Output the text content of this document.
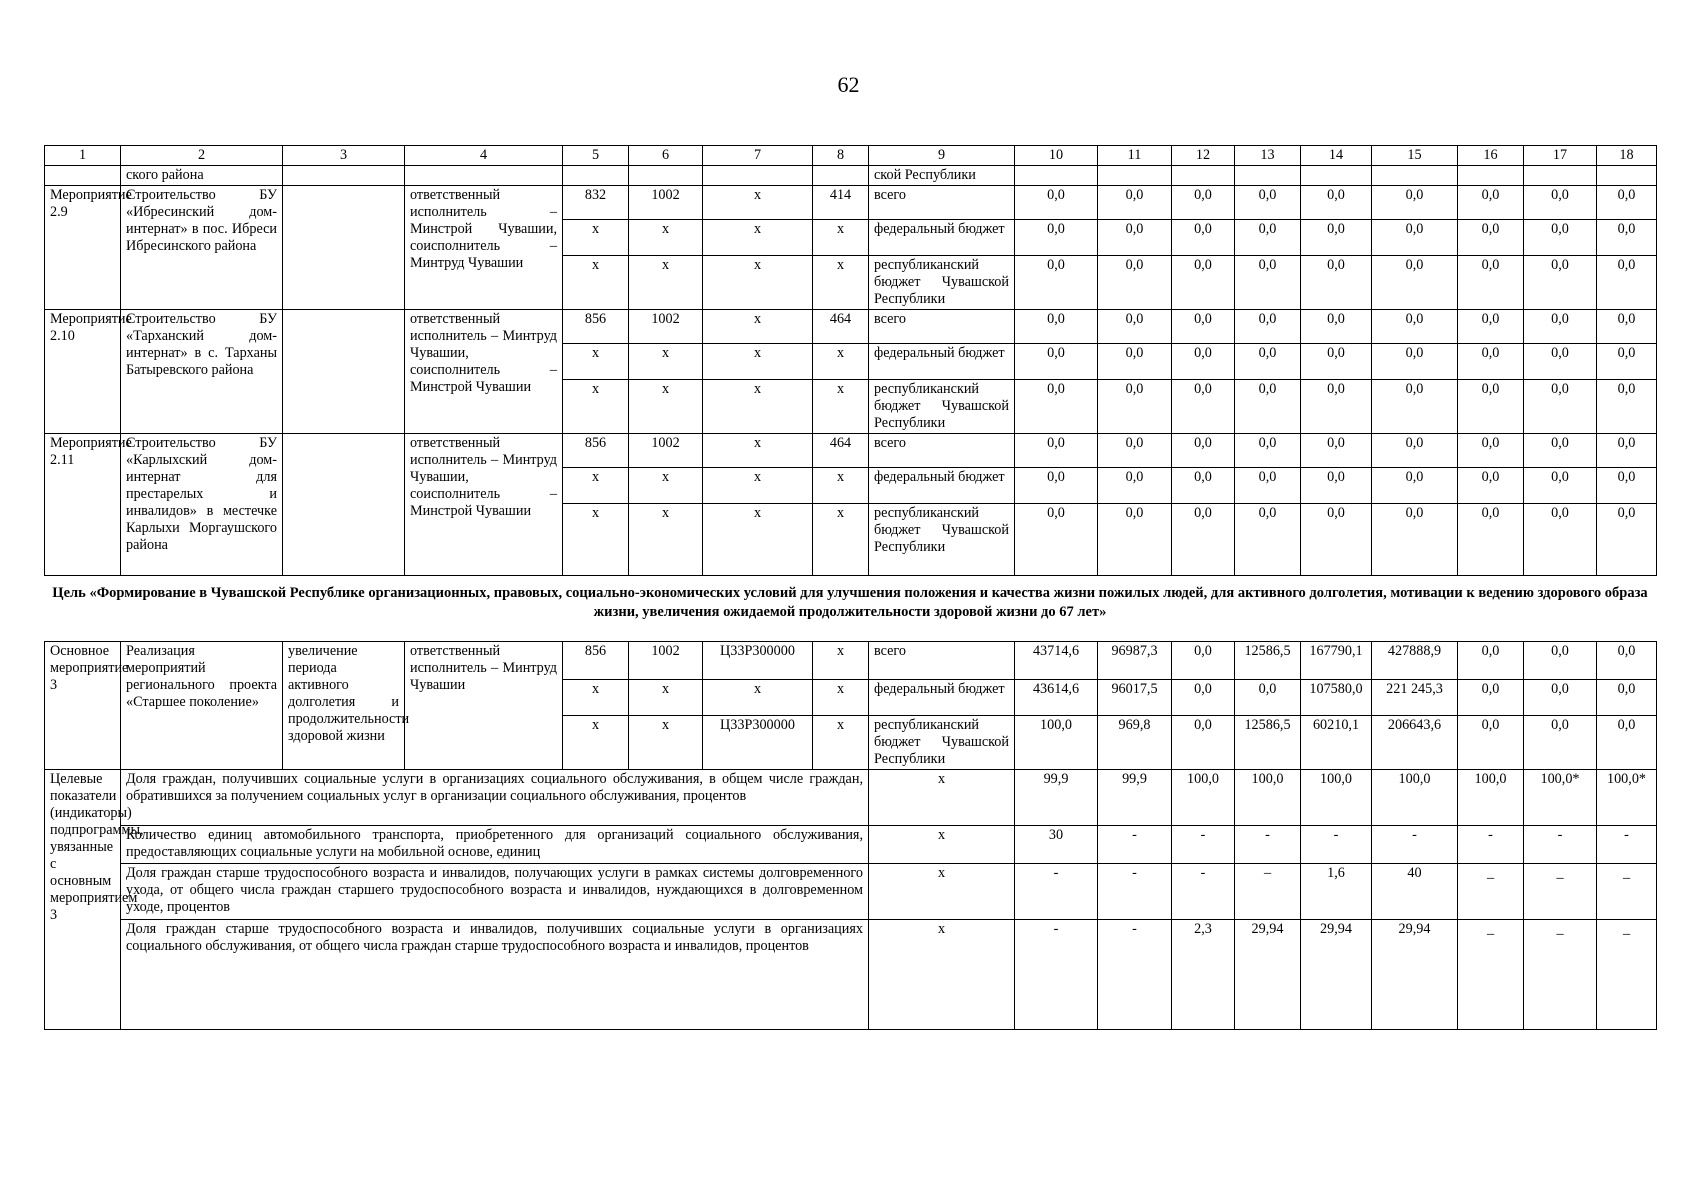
62
1	2	3	4	5	6	7	8	9	10	11	12	13	14	15	16	17	18
	ского района							ской Республики									
Мероприятие 2.9	Строительство БУ «Ибресинский дом-интернат» в пос. Ибреси Ибресинского района		ответственный исполнитель – Минстрой Чувашии, соисполнитель – Минтруд Чувашии	832	1002	х	414	всего	0,0	0,0	0,0	0,0	0,0	0,0	0,0	0,0	0,0
				х	х	х	х	федеральный бюджет	0,0	0,0	0,0	0,0	0,0	0,0	0,0	0,0	0,0
				х	х	х	х	республиканский бюджет Чувашской Республики	0,0	0,0	0,0	0,0	0,0	0,0	0,0	0,0	0,0
Мероприятие 2.10	Строительство БУ «Тарханский дом-интернат» в с. Тарханы Батыревского района		ответственный исполнитель – Минтруд Чувашии, соисполнитель – Минстрой Чувашии	856	1002	х	464	всего	0,0	0,0	0,0	0,0	0,0	0,0	0,0	0,0	0,0
				х	х	х	х	федеральный бюджет	0,0	0,0	0,0	0,0	0,0	0,0	0,0	0,0	0,0
				х	х	х	х	республиканский бюджет Чувашской Республики	0,0	0,0	0,0	0,0	0,0	0,0	0,0	0,0	0,0
Мероприятие 2.11	Строительство БУ «Карлыхский дом-интернат для престарелых и инвалидов» в местечке Карлыхи Моргаушского района		ответственный исполнитель – Минтруд Чувашии, соисполнитель – Минстрой Чувашии	856	1002	х	464	всего	0,0	0,0	0,0	0,0	0,0	0,0	0,0	0,0	0,0
				х	х	х	х	федеральный бюджет	0,0	0,0	0,0	0,0	0,0	0,0	0,0	0,0	0,0
				х	х	х	х	республиканский бюджет Чувашской Республики	0,0	0,0	0,0	0,0	0,0	0,0	0,0	0,0	0,0
Цель «Формирование в Чувашской Республике организационных, правовых, социально-экономических условий для улучшения положения и качества жизни пожилых людей, для активного долголетия, мотивации к ведению здорового образа жизни, увеличения ожидаемой продолжительности здоровой жизни до 67 лет»
Основное мероприятие 3	Реализация мероприятий регионального проекта «Старшее поколение»	увеличение периода активного долголетия и продолжительности здоровой жизни	ответственный исполнитель – Минтруд Чувашии	856	1002	Ц33Р300000	х	всего	43714,6	96987,3	0,0	12586,5	167790,1	427888,9	0,0	0,0	0,0
				х	х	х	х	федеральный бюджет	43614,6	96017,5	0,0	0,0	107580,0	221 245,3	0,0	0,0	0,0
				х	х	Ц33Р300000	х	республиканский бюджет Чувашской Республики	100,0	969,8	0,0	12586,5	60210,1	206643,6	0,0	0,0	0,0
Целевые показатели (индикаторы) подпрограммы, увязанные с основным мероприятием 3	Доля граждан, получивших социальные услуги в организациях социального обслуживания, в общем числе граждан, обратившихся за получением социальных услуг в организации социального обслуживания, процентов							х	99,9	99,9	100,0	100,0	100,0	100,0	100,0	100,0*	100,0*
	Количество единиц автомобильного транспорта, приобретенного для организаций социального обслуживания, предоставляющих социальные услуги на мобильной основе, единиц							х	30	-	-	-	-	-	-	-	-
	Доля граждан старше трудоспособного возраста и инвалидов, получающих услуги в рамках системы долговременного ухода, от общего числа граждан старшего трудоспособного возраста и инвалидов, нуждающихся в долговременном уходе, процентов							х	-	-	-	–	1,6	40	_	_	_
	Доля граждан старше трудоспособного возраста и инвалидов, получивших социальные услуги в организациях социального обслуживания, от общего числа граждан старше трудоспособного возраста и инвалидов, процентов							х	-	-	2,3	29,94	29,94	29,94	_	_	_
